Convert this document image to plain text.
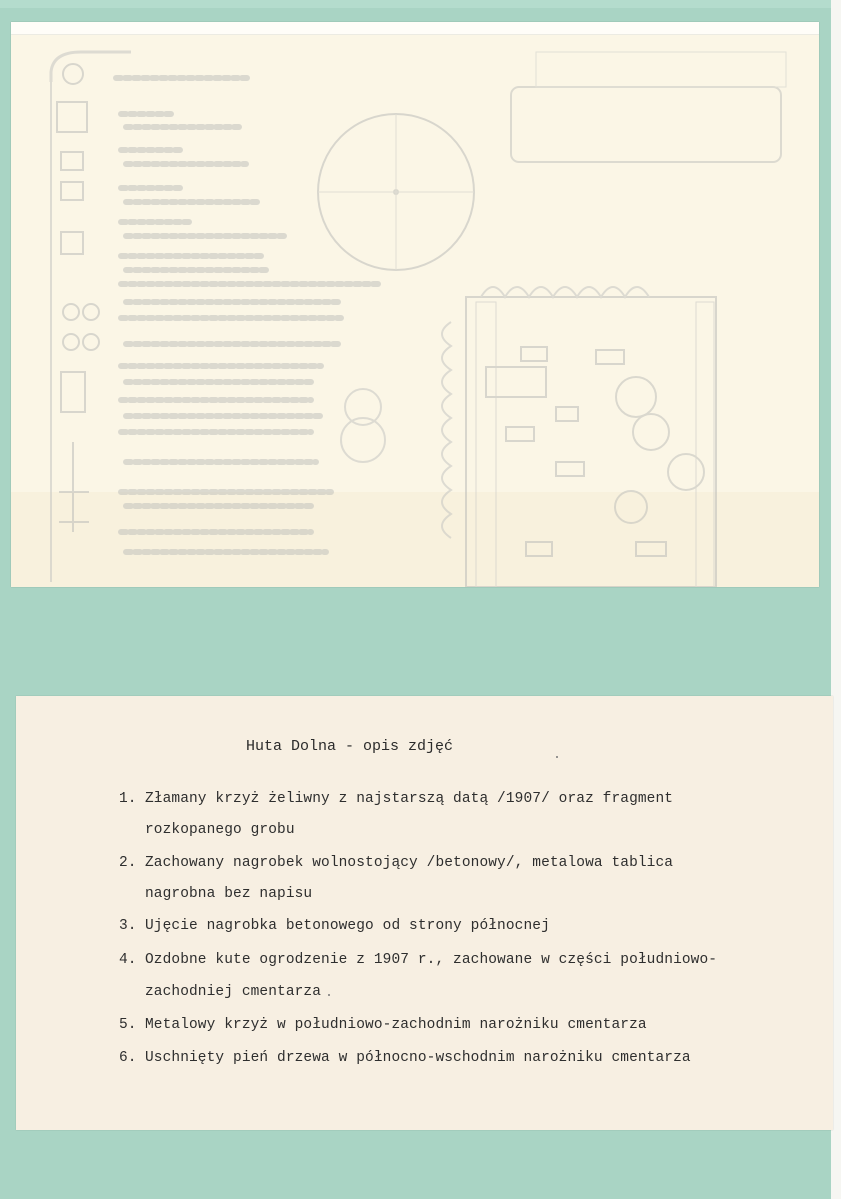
Huta Dolna - opis zdjęć
1. Złamany krzyż żeliwny z najstarszą datą /1907/ oraz fragment
rozkopanego grobu
2. Zachowany nagrobek wolnostojący /betonowy/, metalowa tablica
nagrobna bez napisu
3. Ujęcie nagrobka betonowego od strony północnej
4. Ozdobne kute ogrodzenie z 1907 r., zachowane w części południowo-
zachodniej cmentarza
5. Metalowy krzyż w południowo-zachodnim narożniku cmentarza
6. Uschnięty pień drzewa w północno-wschodnim narożniku cmentarza
